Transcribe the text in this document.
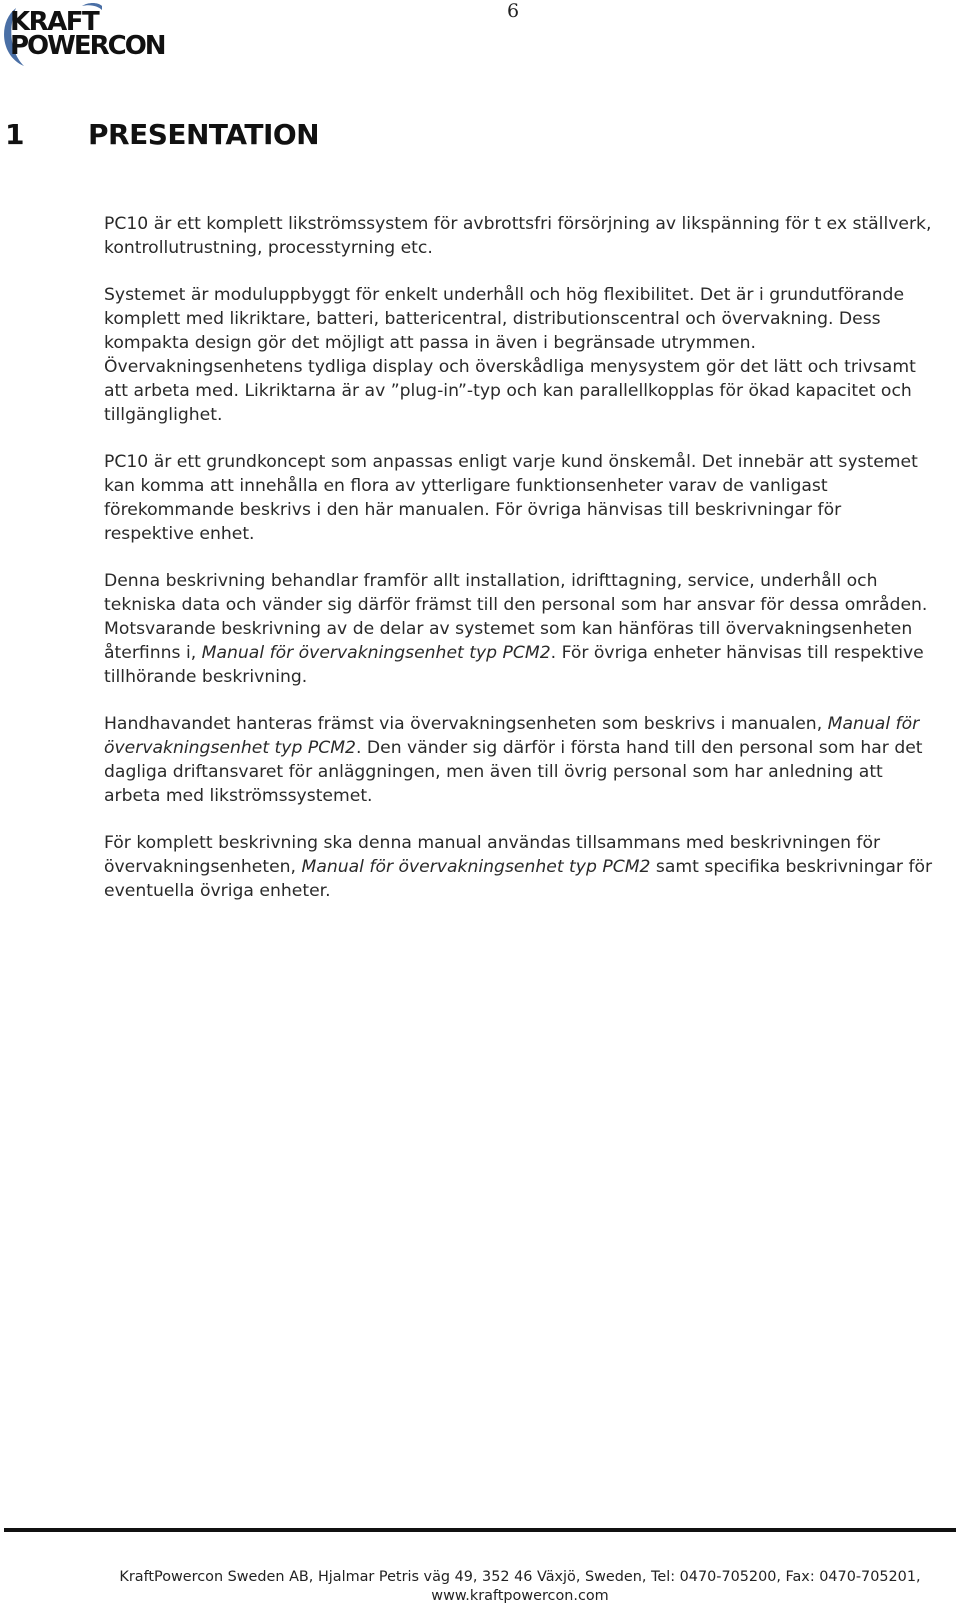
KRAFT
POWERCON
6
1 PRESENTATION

PC10 är ett komplett likströmssystem för avbrottsfri försörjning av likspänning för t ex ställverk, kontrollutrustning, processtyrning etc.

Systemet är moduluppbyggt för enkelt underhåll och hög flexibilitet. Det är i grundutförande komplett med likriktare, batteri, battericentral, distributionscentral och övervakning. Dess kompakta design gör det möjligt att passa in även i begränsade utrymmen. Övervakningsenhetens tydliga display och överskådliga menysystem gör det lätt och trivsamt att arbeta med. Likriktarna är av ”plug-in”-typ och kan parallellkopplas för ökad kapacitet och tillgänglighet.

PC10 är ett grundkoncept som anpassas enligt varje kund önskemål. Det innebär att systemet kan komma att innehålla en flora av ytterligare funktionsenheter varav de vanligast förekommande beskrivs i den här manualen. För övriga hänvisas till beskrivningar för respektive enhet.

Denna beskrivning behandlar framför allt installation, idrifttagning, service, underhåll och tekniska data och vänder sig därför främst till den personal som har ansvar för dessa områden. Motsvarande beskrivning av de delar av systemet som kan hänföras till övervakningsenheten återfinns i, Manual för övervakningsenhet typ PCM2. För övriga enheter hänvisas till respektive tillhörande beskrivning.

Handhavandet hanteras främst via övervakningsenheten som beskrivs i manualen, Manual för övervakningsenhet typ PCM2. Den vänder sig därför i första hand till den personal som har det dagliga driftansvaret för anläggningen, men även till övrig personal som har anledning att arbeta med likströmssystemet.

För komplett beskrivning ska denna manual användas tillsammans med beskrivningen för övervakningsenheten, Manual för övervakningsenhet typ PCM2 samt specifika beskrivningar för eventuella övriga enheter.

KraftPowercon Sweden AB, Hjalmar Petris väg 49, 352 46 Växjö, Sweden, Tel: 0470-705200, Fax: 0470-705201,
www.kraftpowercon.com
